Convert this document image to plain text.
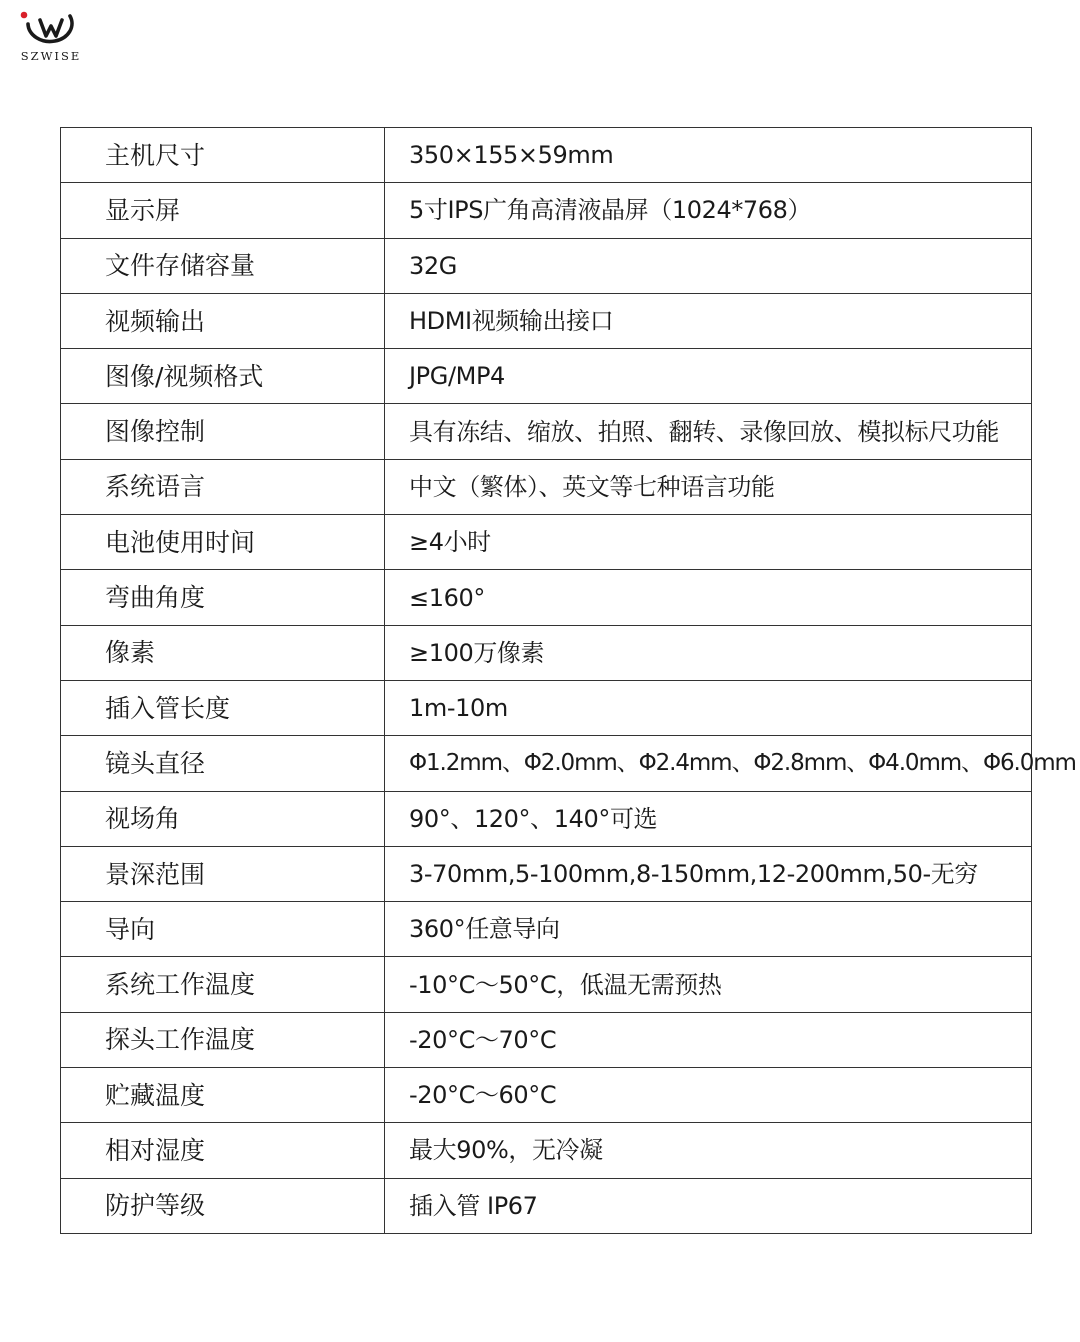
SZWISE
主机尺寸	350×155×59mm
显示屏	5寸IPS广角高清液晶屏（1024*768）
文件存储容量	32G
视频输出	HDMI视频输出接口
图像/视频格式	JPG/MP4
图像控制	具有冻结、缩放、拍照、翻转、录像回放、模拟标尺功能
系统语言	中文（繁体）、英文等七种语言功能
电池使用时间	≥4小时
弯曲角度	≤160°
像素	≥100万像素
插入管长度	1m-10m
镜头直径	Φ1.2mm、Φ2.0mm、Φ2.4mm、Φ2.8mm、Φ4.0mm、Φ6.0mm
视场角	90°、120°、140°可选
景深范围	3-70mm,5-100mm,8-150mm,12-200mm,50-无穷
导向	360°任意导向
系统工作温度	-10°C～50°C，低温无需预热
探头工作温度	-20°C～70°C
贮藏温度	-20°C～60°C
相对湿度	最大90%，无冷凝
防护等级	插入管 IP67
